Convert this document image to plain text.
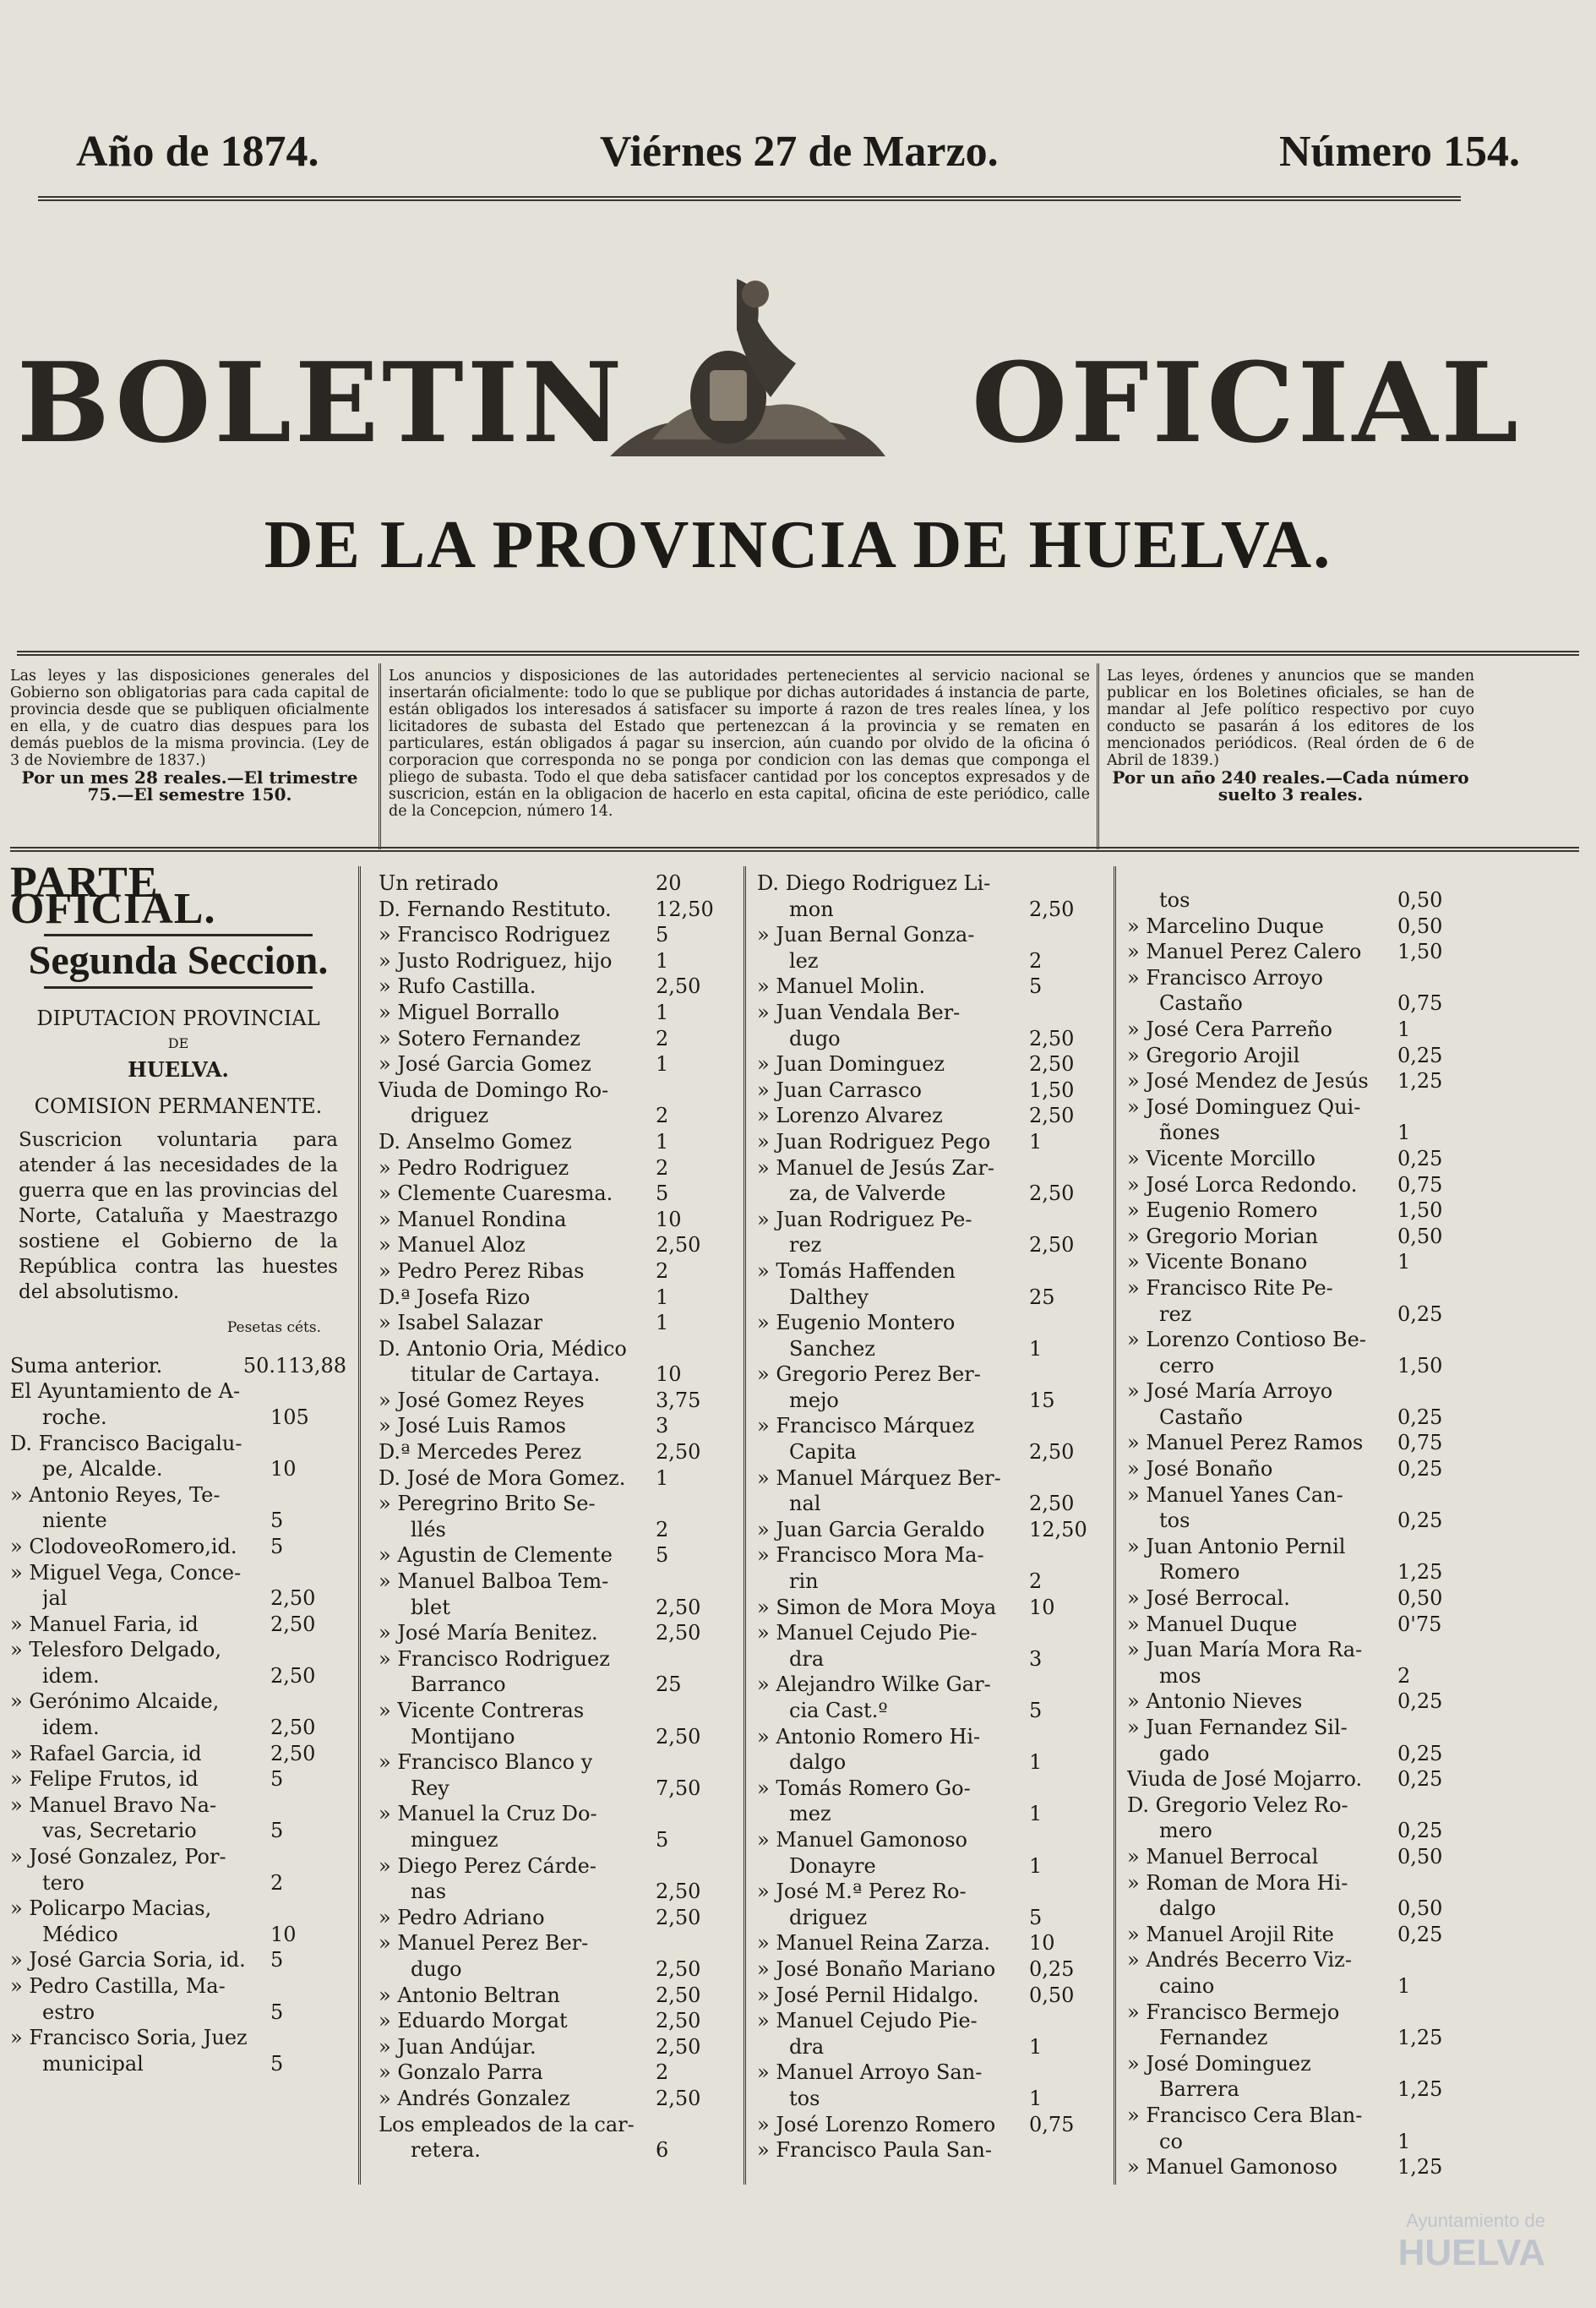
Año de 1874.	Viérnes 27 de Marzo.	Número 154.
BOLETIN	OFICIAL
DE LA PROVINCIA DE HUELVA.
Las leyes y las disposiciones generales del Gobierno son obligatorias para cada capital de provincia desde que se publiquen oficialmente en ella, y de cuatro dias despues para los demás pueblos de la misma provincia. (Ley de 3 de Noviembre de 1837.)
Por un mes 28 reales.—El trimestre 75.—El semestre 150.
Los anuncios y disposiciones de las autoridades pertenecientes al servicio nacional se insertarán oficialmente: todo lo que se publique por dichas autoridades á instancia de parte, están obligados los interesados á satisfacer su importe á razon de tres reales línea, y los licitadores de subasta del Estado que pertenezcan á la provincia y se rematen en particulares, están obligados á pagar su insercion, aún cuando por olvido de la oficina ó corporacion que corresponda no se ponga por condicion con las demas que componga el pliego de subasta. Todo el que deba satisfacer cantidad por los conceptos expresados y de suscricion, están en la obligacion de hacerlo en esta capital, oficina de este periódico, calle de la Concepcion, número 14.
Las leyes, órdenes y anuncios que se manden publicar en los Boletines oficiales, se han de mandar al Jefe político respectivo por cuyo conducto se pasarán á los editores de los mencionados periódicos. (Real órden de 6 de Abril de 1839.)
Por un año 240 reales.—Cada número suelto 3 reales.
PARTE OFICIAL.
Segunda Seccion.
DIPUTACION PROVINCIAL
DE
HUELVA.
COMISION PERMANENTE.
Suscricion voluntaria para atender á las necesidades de la guerra que en las provincias del Norte, Cataluña y Maestrazgo sostiene el Gobierno de la República contra las huestes del absolutismo.
Pesetas céts.
Suma anterior.	50.113,88
El Ayuntamiento de A-
roche.	105
D. Francisco Bacigalu-
pe, Alcalde.	10
» Antonio Reyes, Te-
niente	5
» ClodoveoRomero,id. 5
» Miguel Vega, Conce-
jal	2,50
» Manuel Faria, id	2,50
» Telesforo Delgado,
idem.	2,50
» Gerónimo Alcaide,
idem.	2,50
» Rafael Garcia, id	2,50
» Felipe Frutos, id	5
» Manuel Bravo Na-
vas, Secretario	5
» José Gonzalez, Por-
tero	2
» Policarpo Macias,
Médico	10
» José Garcia Soria, id. 5
» Pedro Castilla, Ma-
estro	5
» Francisco Soria, Juez
municipal	5
Un retirado	20
D. Fernando Restituto. 12,50
» Francisco Rodriguez 5
» Justo Rodriguez, hijo 1
» Rufo Castilla.	2,50
» Miguel Borrallo	1
» Sotero Fernandez	2
» José Garcia Gomez	1
Viuda de Domingo Ro-
driguez	2
D. Anselmo Gomez	1
» Pedro Rodriguez	2
» Clemente Cuaresma. 5
» Manuel Rondina	10
» Manuel Aloz	2,50
» Pedro Perez Ribas	2
D.ª Josefa Rizo	1
» Isabel Salazar	1
D. Antonio Oria, Médico
titular de Cartaya.	10
» José Gomez Reyes	3,75
» José Luis Ramos	3
D.ª Mercedes Perez	2,50
D. José de Mora Gomez. 1
» Peregrino Brito Se-
llés	2
» Agustin de Clemente 5
» Manuel Balboa Tem-
blet	2,50
» José María Benitez.	2,50
» Francisco Rodriguez
Barranco	25
» Vicente Contreras
Montijano	2,50
» Francisco Blanco y
Rey	7,50
» Manuel la Cruz Do-
minguez	5
» Diego Perez Cárde-
nas	2,50
» Pedro Adriano	2,50
» Manuel Perez Ber-
dugo	2,50
» Antonio Beltran	2,50
» Eduardo Morgat	2,50
» Juan Andújar.	2,50
» Gonzalo Parra	2
» Andrés Gonzalez	2,50
Los empleados de la car-
retera.	6
D. Diego Rodriguez Li-
mon	2,50
» Juan Bernal Gonza-
lez	2
» Manuel Molin.	5
» Juan Vendala Ber-
dugo	2,50
» Juan Dominguez	2,50
» Juan Carrasco	1,50
» Lorenzo Alvarez	2,50
» Juan Rodriguez Pego 1
» Manuel de Jesús Zar-
za, de Valverde	2,50
» Juan Rodriguez Pe-
rez	2,50
» Tomás Haffenden
Dalthey	25
» Eugenio Montero
Sanchez	1
» Gregorio Perez Ber-
mejo	15
» Francisco Márquez
Capita	2,50
» Manuel Márquez Ber-
nal	2,50
» Juan Garcia Geraldo 12,50
» Francisco Mora Ma-
rin	2
» Simon de Mora Moya 10
» Manuel Cejudo Pie-
dra	3
» Alejandro Wilke Gar-
cia Cast.º	5
» Antonio Romero Hi-
dalgo	1
» Tomás Romero Go-
mez	1
» Manuel Gamonoso
Donayre	1
» José M.ª Perez Ro-
driguez	5
» Manuel Reina Zarza. 10
» José Bonaño Mariano 0,25
» José Pernil Hidalgo. 0,50
» Manuel Cejudo Pie-
dra	1
» Manuel Arroyo San-
tos	1
» José Lorenzo Romero 0,75
» Francisco Paula San-
tos	0,50
» Marcelino Duque	0,50
» Manuel Perez Calero 1,50
» Francisco Arroyo
Castaño	0,75
» José Cera Parreño	1
» Gregorio Arojil	0,25
» José Mendez de Jesús 1,25
» José Dominguez Qui-
ñones	1
» Vicente Morcillo	0,25
» José Lorca Redondo. 0,75
» Eugenio Romero	1,50
» Gregorio Morian	0,50
» Vicente Bonano	1
» Francisco Rite Pe-
rez	0,25
» Lorenzo Contioso Be-
cerro	1,50
» José María Arroyo
Castaño	0,25
» Manuel Perez Ramos 0,75
» José Bonaño	0,25
» Manuel Yanes Can-
tos	0,25
» Juan Antonio Pernil
Romero	1,25
» José Berrocal.	0,50
» Manuel Duque	0'75
» Juan María Mora Ra-
mos	2
» Antonio Nieves	0,25
» Juan Fernandez Sil-
gado	0,25
Viuda de José Mojarro. 0,25
D. Gregorio Velez Ro-
mero	0,25
» Manuel Berrocal	0,50
» Roman de Mora Hi-
dalgo	0,50
» Manuel Arojil Rite	0,25
» Andrés Becerro Viz-
caino	1
» Francisco Bermejo
Fernandez	1,25
» José Dominguez
Barrera	1,25
» Francisco Cera Blan-
co	1
» Manuel Gamonoso	1,25
Ayuntamiento de
HUELVA
